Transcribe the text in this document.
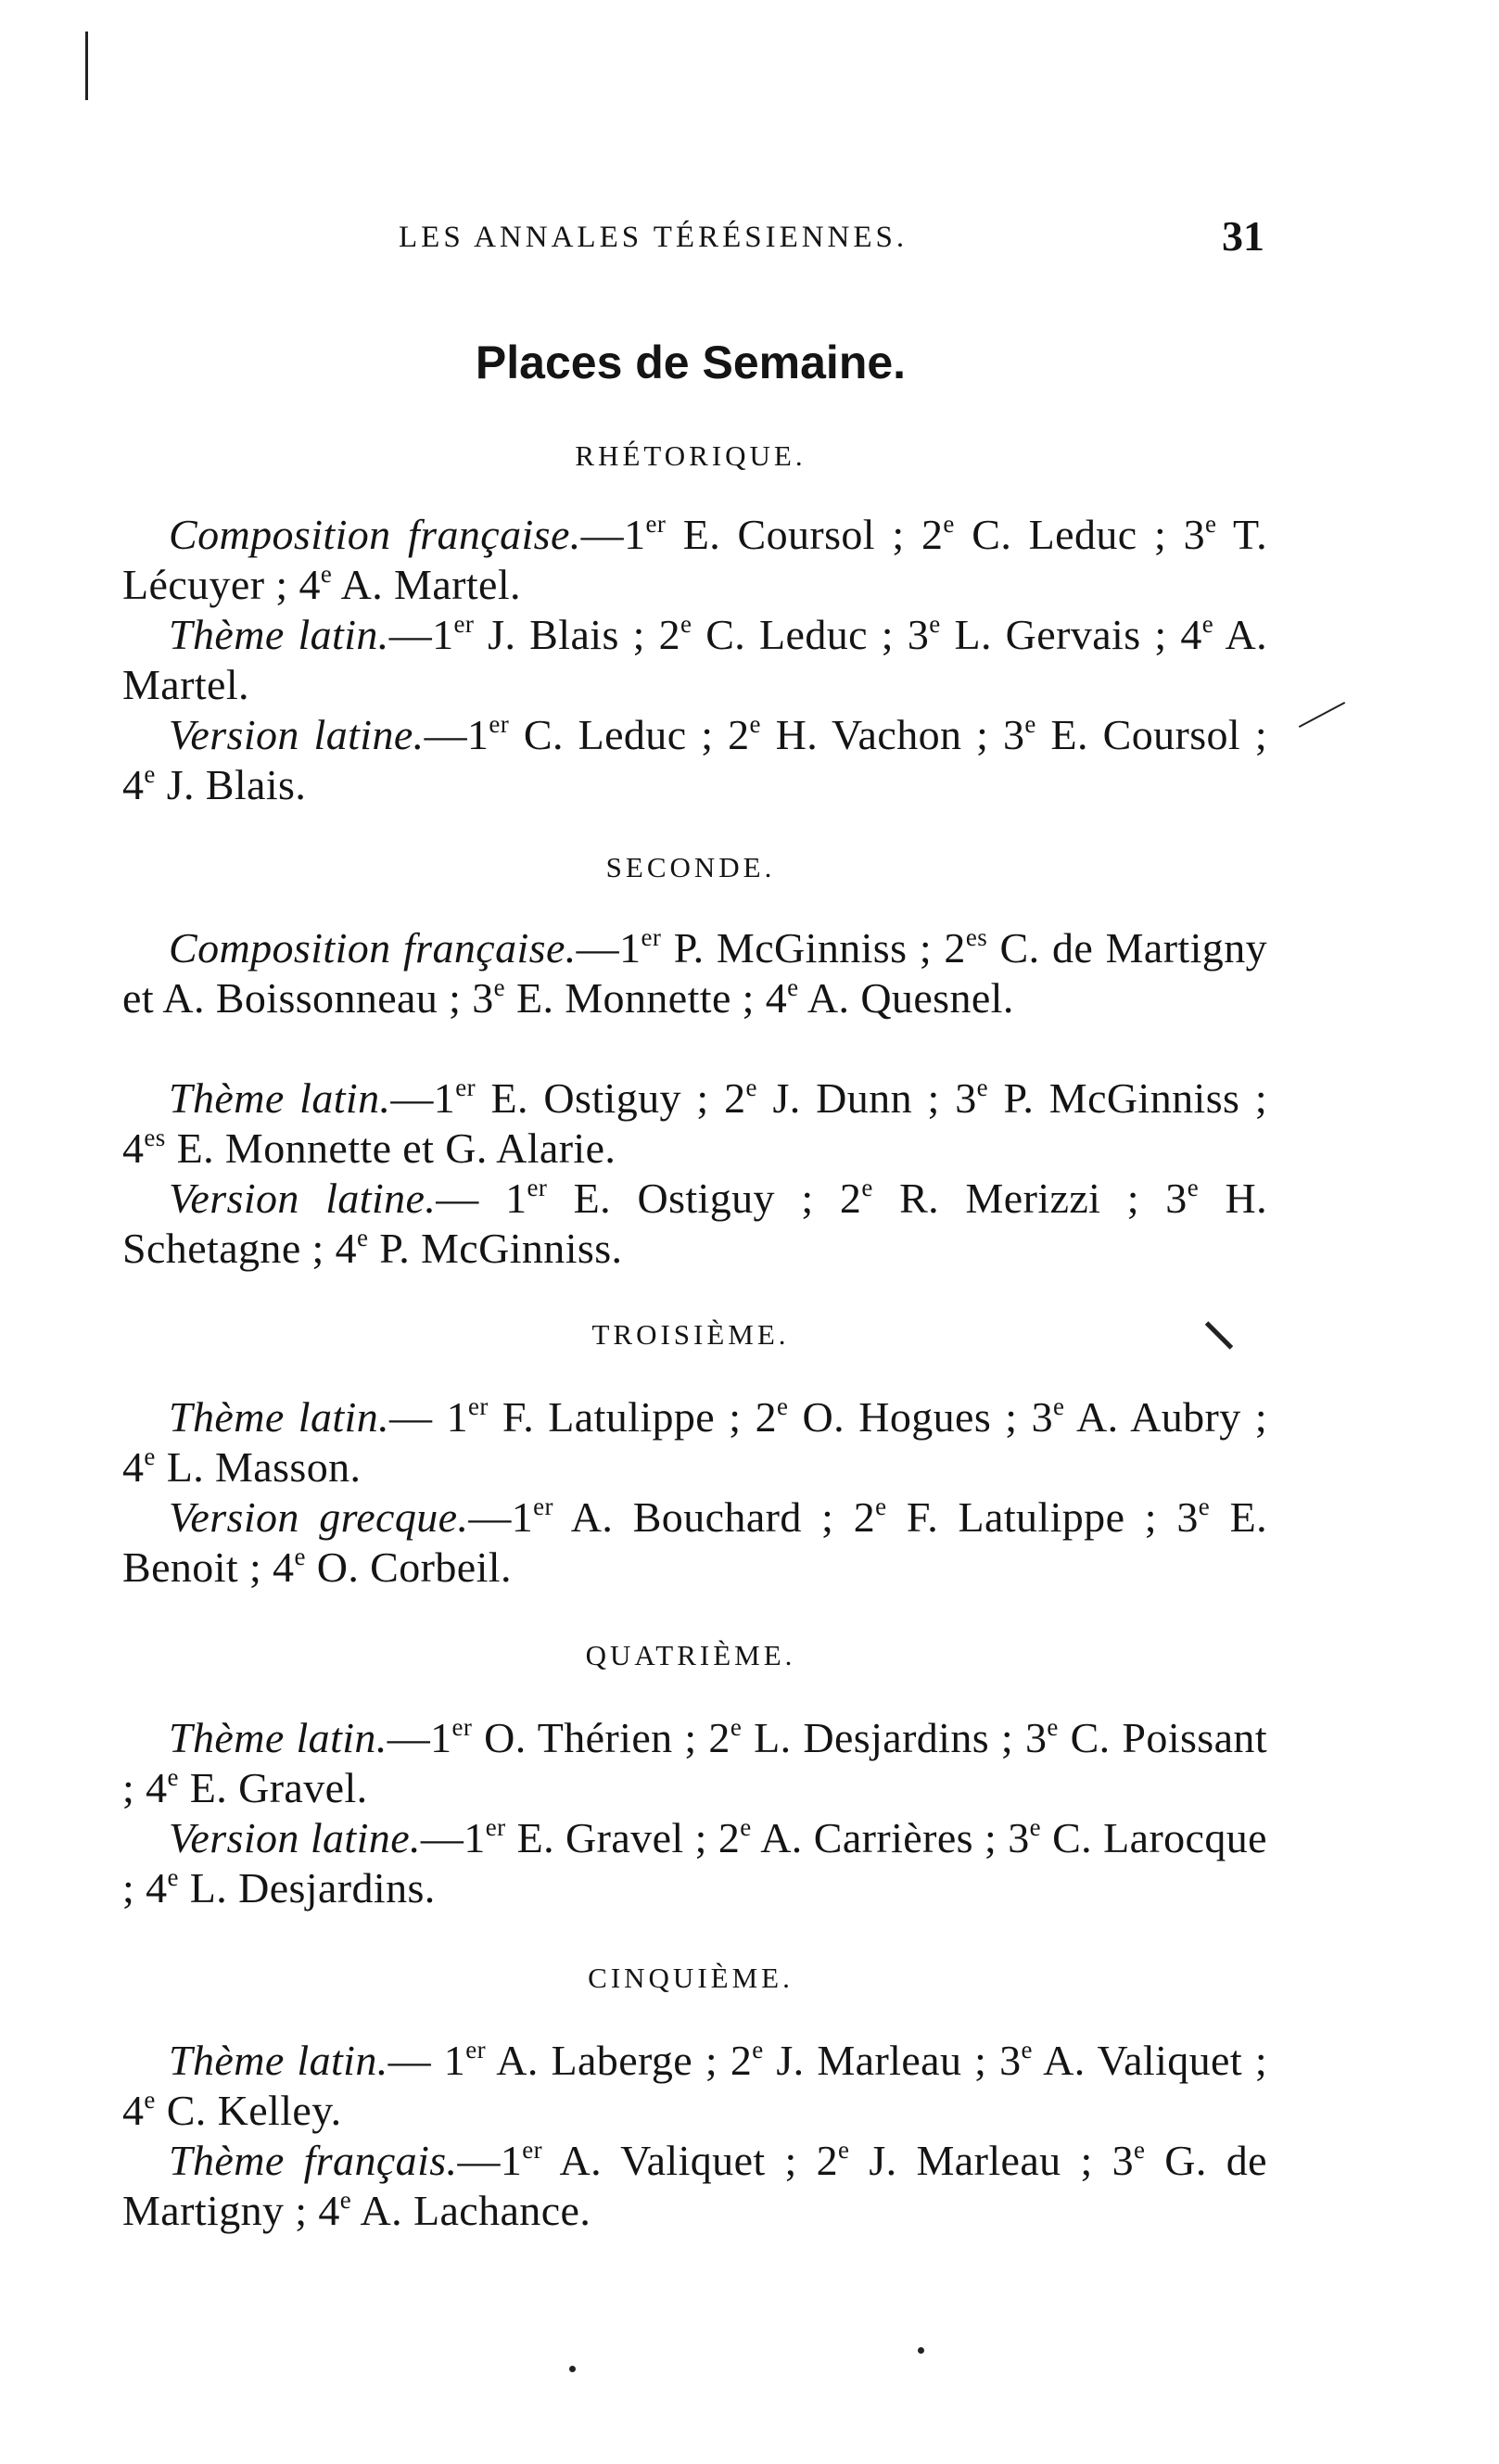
LES ANNALES TÉRÉSIENNES.	31
Places de Semaine.
RHÉTORIQUE.
Composition française.—1er E. Coursol ; 2e C. Leduc ; 3e T. Lécuyer ; 4e A. Martel.
Thème latin.—1er J. Blais ; 2e C. Leduc ; 3e L. Gervais ; 4e A. Martel.
Version latine.—1er C. Leduc ; 2e H. Vachon ; 3e E. Coursol ; 4e J. Blais.
SECONDE.
Composition française.—1er P. McGinniss ; $2^{es}$ C. de Martigny et A. Boissonneau ; 3e E. Monnette ; 4e A. Quesnel.
Thème latin.—1er E. Ostiguy ; 2e J. Dunn ; 3e P. McGinniss ; $4^{es}$ E. Monnette et G. Alarie.
Version latine.— 1er E. Ostiguy ; 2e R. Merizzi ; 3e H. Schetagne ; 4e P. McGinniss.
TROISIÈME.
Thème latin.— 1er F. Latulippe ; 2e O. Hogues ; 3e A. Aubry ; 4e L. Masson.
Version grecque.—1er A. Bouchard ; 2e F. Latulippe ; 3e E. Benoit ; 4e O. Corbeil.
QUATRIÈME.
Thème latin.—1er O. Thérien ; 2e L. Desjardins ; 3e C. Poissant ; 4e E. Gravel.
Version latine.—1er E. Gravel ; 2e A. Carrières ; 3e C. Larocque ; 4e L. Desjardins.
CINQUIÈME.
Thème latin.— 1er A. Laberge ; 2e J. Marleau ; 3e A. Valiquet ; 4e C. Kelley.
Thème français.—1er A. Valiquet ; 2e J. Marleau ; 3e G. de Martigny ; 4e A. Lachance.
